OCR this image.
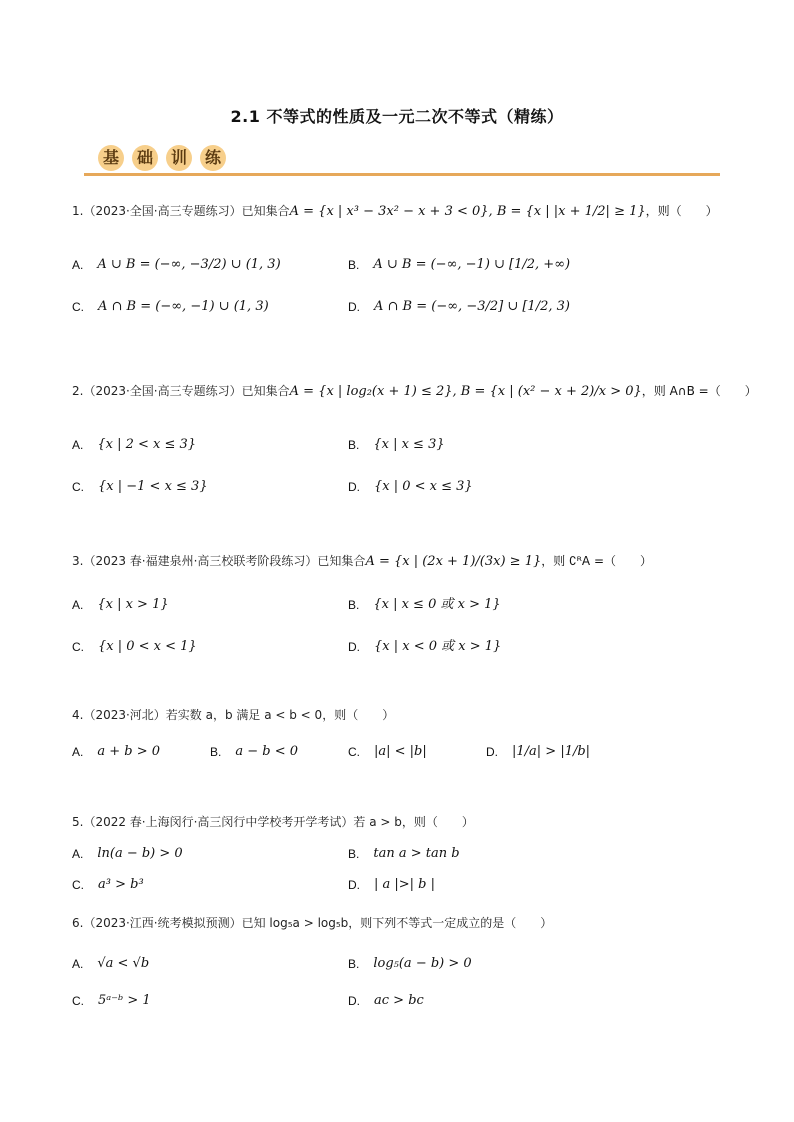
2.1 不等式的性质及一元二次不等式（精练）
基	础	训	练
1.（2023·全国·高三专题练习）已知集合A = {x | x³ − 3x² − x + 3 < 0}, B = {x | |x + 1/2| ≥ 1}，则（　　）
A. A ∪ B = (−∞, −3/2) ∪ (1, 3)	B. A ∪ B = (−∞, −1) ∪ [1/2, +∞)
C. A ∩ B = (−∞, −1) ∪ (1, 3)	D. A ∩ B = (−∞, −3/2] ∪ [1/2, 3)
2.（2023·全国·高三专题练习）已知集合A = {x | log₂(x + 1) ≤ 2}, B = {x | (x² − x + 2)/x > 0}，则 A∩B =（　　）
A. {x | 2 < x ≤ 3}	B. {x | x ≤ 3}
C. {x | −1 < x ≤ 3}	D. {x | 0 < x ≤ 3}
3.（2023 春·福建泉州·高三校联考阶段练习）已知集合A = {x | (2x + 1)/(3x) ≥ 1}，则 ∁ᴿA =（　　）
A. {x | x > 1}	B. {x | x ≤ 0 或 x > 1}
C. {x | 0 < x < 1}	D. {x | x < 0 或 x > 1}
4.（2023·河北）若实数 a，b 满足 a < b < 0，则（　　）
A. a + b > 0	B. a − b < 0	C. |a| < |b|	D. |1/a| > |1/b|
5.（2022 春·上海闵行·高三闵行中学校考开学考试）若 a > b，则（　　）
A. ln(a − b) > 0	B. tan a > tan b
C. a³ > b³	D. | a |>| b |
6.（2023·江西·统考模拟预测）已知 log₅a > log₅b，则下列不等式一定成立的是（　　）
A. √a < √b	B. log₅(a − b) > 0
C. 5ᵃ⁻ᵇ > 1	D. ac > bc
